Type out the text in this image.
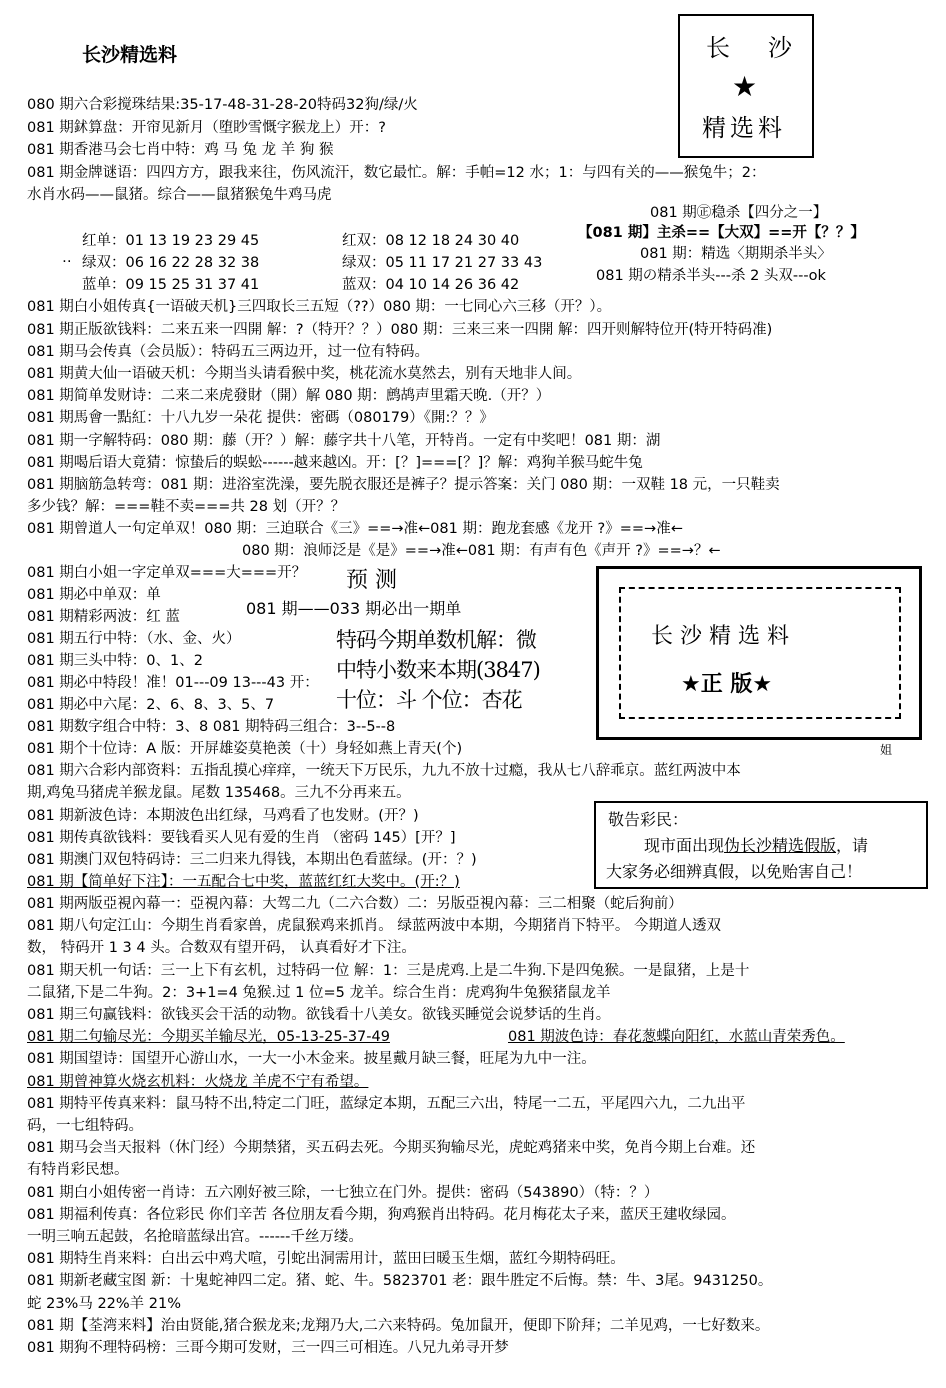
长沙精选料	长 沙
★
精选料
080 期六合彩搅珠结果:35-17-48-31-28-20特码32狗/绿/火
081 期鉥算盘：开帘见新月（堕眇雪慨字猴龙上）开：?
081 期香港马会七肖中特：鸡 马 兔 龙 羊 狗 猴
081 期金牌谜语：四四方方，跟我来往，伤风流汗，数它最忙。解：手帕=12 水；1：与四有关的——猴兔牛；2：
水肖水码——鼠猪。综合——鼠猪猴兔牛鸡马虎
081 期㊣稳杀【四分之一】
【081 期】主杀==【大双】==开【？？】
081 期：精选〈期期杀半头〉
081 期の精杀半头---杀 2 头双---ok
红单：01 13 19 23 29 45
‥ 绿双：06 16 22 28 32 38
蓝单：09 15 25 31 37 41
红双：08 12 18 24 30 40
绿双：05 11 17 21 27 33 43
蓝双：04 10 14 26 36 42
081 期白小姐传真{一语破天机}三四取长三五短（??）080 期：一七同心六三移（开？）。
081 期正版欲钱料：二来五来一四開 解：?（特开？？）080 期：三来三来一四開 解：四开则解特位开(特开特码准)
081 期马会传真（会员版）：特码五三两边开，过一位有特码。
081 期黄大仙一语破天机：今期当头请看猴中奖，桃花流水莫然去，别有天地非人间。
081 期简单发财诗：二来二来虎發財（開）解 080 期：鹧鸪声里霜天晚.（开？）
081 期馬會一點紅：十八九岁一朵花 提供：密碼（080179）《開:？？》
081 期一字解特码：080 期：藤（开？）解：藤字共十八笔，开特肖。一定有中奖吧！081 期：湖
081 期喝后语大竟猜：惊蛰后的蜈蚣------越来越凶。开：[？]===[？]？解：鸡狗羊猴马蛇牛兔
081 期脑筋急转弯：081 期：进浴室洗澡，要先脱衣服还是裤子？提示答案：关门 080 期：一双鞋 18 元，一只鞋卖
多少钱？解：===鞋不卖===共 28 划（开？？
081 期曾道人一句定单双！080 期：三迫联合《三》==→准←081 期：跑龙套感《龙开 ?》==→准←
080 期：浪师泛是《是》==→准←081 期：有声有色《声开 ?》==→？←
预 测
081 期——033 期必出一期单
特码今期单数机解：微
中特小数来本期(3847)
十位：斗 个位：杏花
081 期白小姐一字定单双===大===开？
081 期必中单双：单
081 期精彩两波：红 蓝
081 期五行中特：（水、金、火）
081 期三头中特：0、1、2
081 期必中特段！准！01---09 13---43 开：
081 期必中六尾：2、6、8、3、5、7
081 期数字组合中特：3、8 081 期特码三组合：3--5--8
081 期个十位诗：A 版：开屏雄姿莫艳羡（十）身轻如燕上青天(个)
长 沙 精 选 料
★正 版★
姐
敬告彩民：
现市面出现伪长沙精选假版，请
大家务必细辨真假，以免贻害自己！
081 期六合彩内部资料：五指乱摸心痒痒，一统天下万民乐，九九不放十过瘾，我从七八辞乖京。蓝红两波中本
期,鸡兔马猪虎羊猴龙鼠。尾数 135468。三九不分再来五。
081 期新波色诗：本期波色出红绿，马鸡看了也发财。(开？)
081 期传真欲钱料：要钱看买人见有爱的生肖 （密码 145）[开？]
081 期澳门双包特码诗：三二归来九得钱，本期出色看蓝绿。(开：？)
081 期【简单好下注】：一五配合七中奖，蓝蓝红红大奖中。(开:？)
081 期两版亞視內幕一：亞視內幕：大驾二九（二六合数）二：另版亞視內幕：三二相聚（蛇后狗前）
081 期八句定江山：今期生肖看家兽，虎鼠猴鸡来抓肖。 绿蓝两波中本期，今期猪肖下特平。 今期道人透双
数， 特码开 1 3 4 头。合数双有望开码， 认真看好才下注。
081 期天机一句话：三一上下有玄机，过特码一位 解：1：三是虎鸡.上是二牛狗.下是四兔猴。一是鼠猪，上是十
二鼠猪,下是二牛狗。2：3+1=4 兔猴.过 1 位=5 龙羊。综合生肖：虎鸡狗牛兔猴猪鼠龙羊
081 期三句赢钱料：欲钱买会干活的动物。欲钱看十八美女。欲钱买睡觉会说梦话的生肖。
081 期二句输尽光：今期买羊输尽光，05-13-25-37-49	081 期波色诗：春花葱蝶向阳红，水蓝山青荣秀色。
081 期国望诗：国望开心游山水，一大一小木金来。披星戴月缺三餐，旺尾为九中一注。
081 期曾神算火烧玄机料：火烧龙 羊虎不宁有希望。
081 期特平传真来料：鼠马特不出,特定二门旺，蓝绿定本期，五配三六出，特尾一二五，平尾四六九，二九出平
码，一七组特码。
081 期马会当天报料（休门经）今期禁猪，买五码去死。今期买狗输尽光，虎蛇鸡猪来中奖，免肖今期上台难。还
有特肖彩民想。
081 期白小姐传密一肖诗：五六刚好被三除，一七独立在门外。提供：密码（543890）（特：？）
081 期福利传真：各位彩民 你们辛苦 各位朋友看今期，狗鸡猴肖出特码。花月梅花太子来，蓝厌王建收绿园。
一明三响五起鼓，名抢暗蓝绿出宫。------千丝万缕。
081 期特生肖来料：白出云中鸡犬喧，引蛇出洞需用计，蓝田曰暖玉生烟，蓝红今期特码旺。
081 期新老藏宝图 新：十鬼蛇神四二定。猪、蛇、牛。5823701 老：跟牛胜定不后悔。禁：牛、3尾。9431250。
蛇 23%马 22%羊 21%
081 期【荃湾来料】治由贤能,猪合猴龙来;龙翔乃大,二六来特码。兔加鼠开，便即下阶拜；二羊见鸡，一七好数来。
081 期狗不理特码榜：三哥今期可发财，三一四三可相连。八兄九弟寻开梦
